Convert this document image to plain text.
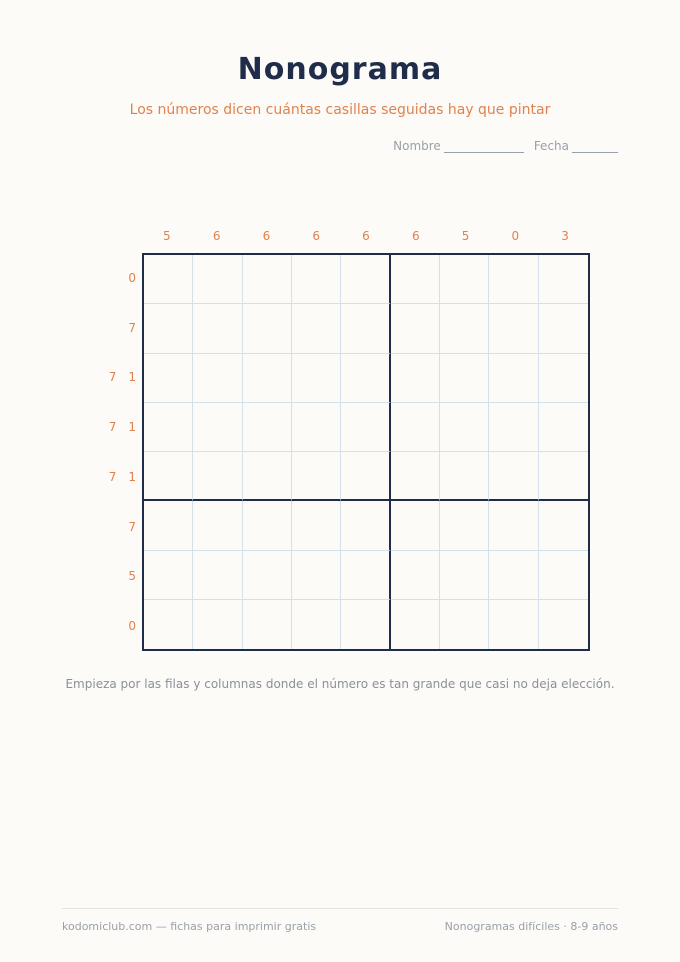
Nonograma

Los números dicen cuántas casillas seguidas hay que pintar

Nombre	Fecha
5	6	6	6	6	6	5	0	3
0
7
7 1
7 1
7 1
7
5
0

Empieza por las filas y columnas donde el número es tan grande que casi no deja elección.

kodomiclub.com — fichas para imprimir gratis	Nonogramas difíciles · 8-9 años
